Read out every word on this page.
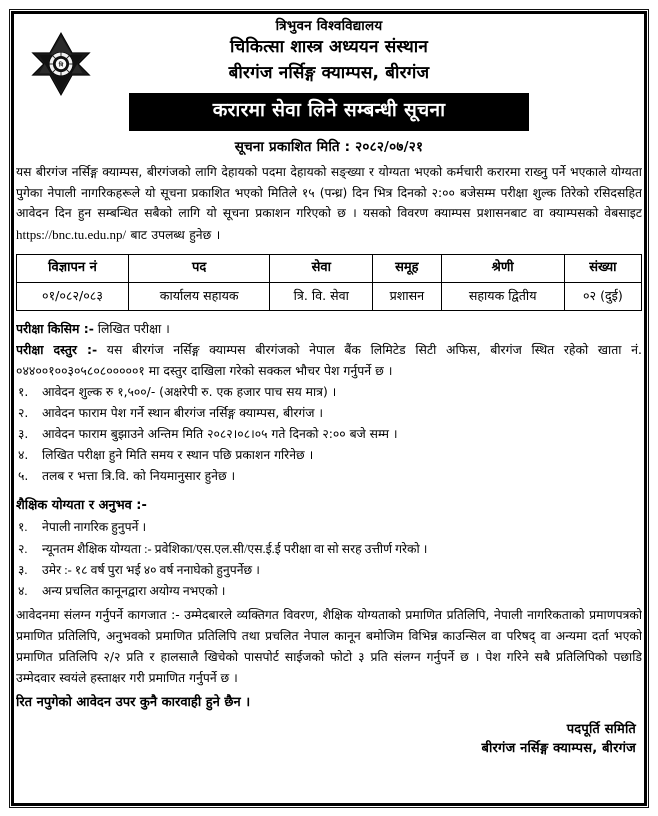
त्रि
त्रिभुवन विश्वविद्यालय
चिकित्सा शास्त्र अध्ययन संस्थान
बीरगंज नर्सिङ्ग क्याम्पस, बीरगंज
करारमा सेवा लिने सम्बन्धी सूचना
सूचना प्रकाशित मिति : २०८२/०७/२१
यस बीरगंज नर्सिङ्ग क्याम्पस, बीरगंजको लागि देहायको पदमा देहायको सङ्ख्या र योग्यता भएको कर्मचारी करारमा राख्नु पर्ने भएकाले योग्यता पुगेका नेपाली नागरिकहरूले यो सूचना प्रकाशित भएको मितिले १५ (पन्ध्र) दिन भित्र दिनको २:०० बजेसम्म परीक्षा शुल्क तिरेको रसिदसहित आवेदन दिन हुन सम्बन्धित सबैको लागि यो सूचना प्रकाशन गरिएको छ । यसको विवरण क्याम्पस प्रशासनबाट वा क्याम्पसको वेबसाइट https://bnc.tu.edu.np/ बाट उपलब्ध हुनेछ ।
विज्ञापन नं	पद	सेवा	समूह	श्रेणी	संख्या
०१/०८२/०८३	कार्यालय सहायक	त्रि. वि. सेवा	प्रशासन	सहायक द्वितीय	०२ (दुई)
परीक्षा किसिम :- लिखित परीक्षा ।
परीक्षा दस्तुर :- यस बीरगंज नर्सिङ्ग क्याम्पस बीरगंजको नेपाल बैंक लिमिटेड सिटी अफिस, बीरगंज स्थित रहेको खाता नं. ०४४००१००३०५८०८०००००१ मा दस्तुर दाखिला गरेको सक्कल भौचर पेश गर्नुपर्ने छ ।
१.	आवेदन शुल्क रु १,५००/- (अक्षरेपी रु. एक हजार पाच सय मात्र) ।
२.	आवेदन फाराम पेश गर्ने स्थान बीरगंज नर्सिङ्ग क्याम्पस, बीरगंज ।
३.	आवेदन फाराम बुझाउने अन्तिम मिति २०८२।०८।०५ गते दिनको २:०० बजे सम्म ।
४.	लिखित परीक्षा हुने मिति समय र स्थान पछि प्रकाशन गरिनेछ ।
५.	तलब र भत्ता त्रि.वि. को नियमानुसार हुनेछ ।
शैक्षिक योग्यता र अनुभव :-
१.	नेपाली नागरिक हुनुपर्ने ।
२.	न्यूनतम शैक्षिक योग्यता :- प्रवेशिका/एस.एल.सी/एस.ई.ई परीक्षा वा सो सरह उत्तीर्ण गरेको ।
३.	उमेर :- १८ वर्ष पुरा भई ४० वर्ष ननाघेको हुनुपर्नेछ ।
४.	अन्य प्रचलित कानूनद्वारा अयोग्य नभएको ।
आवेदनमा संलग्न गर्नुपर्ने कागजात :- उम्मेदबारले व्यक्तिगत विवरण, शैक्षिक योग्यताको प्रमाणित प्रतिलिपि, नेपाली नागरिकताको प्रमाणपत्रको प्रमाणित प्रतिलिपि, अनुभवको प्रमाणित प्रतिलिपि तथा प्रचलित नेपाल कानून बमोजिम विभिन्न काउन्सिल वा परिषद् वा अन्यमा दर्ता भएको प्रमाणित प्रतिलिपि २/२ प्रति र हालसालै खिचेको पासपोर्ट साईजको फोटो ३ प्रति संलग्न गर्नुपर्ने छ । पेश गरिने सबै प्रतिलिपिको पछाडि उम्मेदवार स्वयंले हस्ताक्षर गरी प्रमाणित गर्नुपर्ने छ ।
रित नपुगेको आवेदन उपर कुनै कारवाही हुने छैन ।
पदपूर्ति समिति
बीरगंज नर्सिङ्ग क्याम्पस, बीरगंज
